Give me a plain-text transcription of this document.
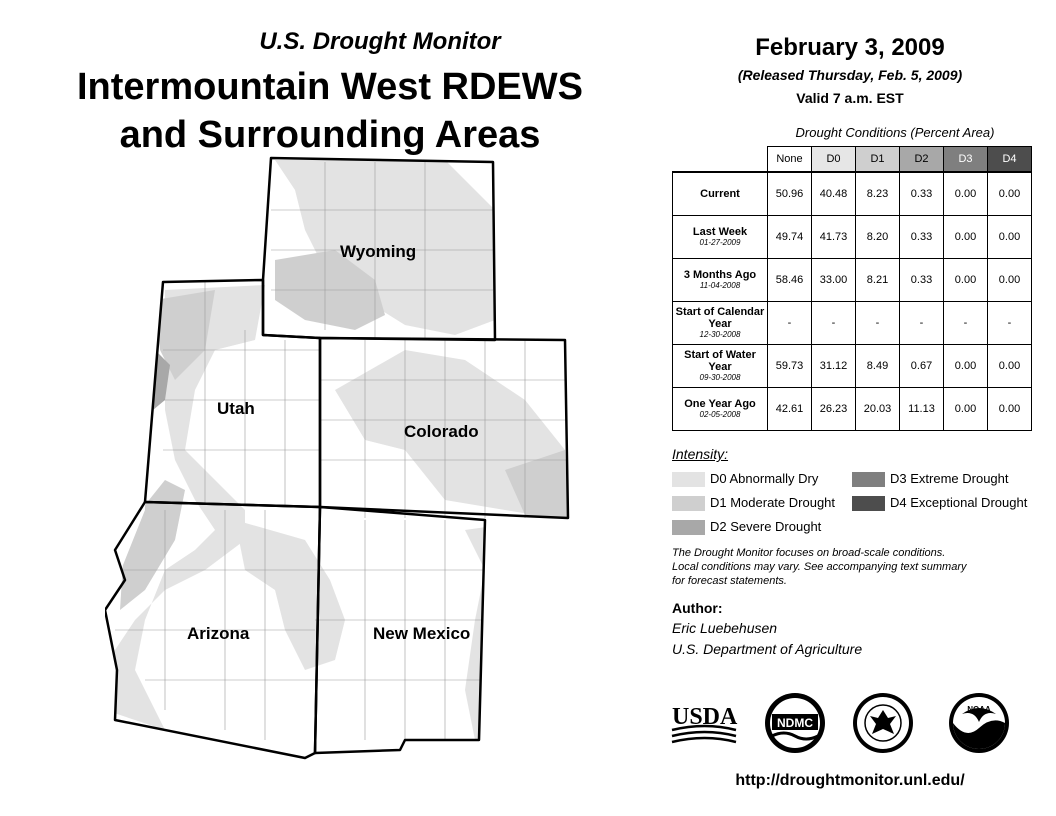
U.S. Drought Monitor
Intermountain West RDEWS
and Surrounding Areas
Wyoming
Utah
Colorado
Arizona	New Mexico
February 3, 2009
(Released Thursday, Feb. 5, 2009)
Valid 7 a.m. EST
Drought Conditions (Percent Area)
	None	D0	D1	D2	D3	D4
Current	50.96	40.48	8.23	0.33	0.00	0.00
Last Week
01-27-2009	49.74	41.73	8.20	0.33	0.00	0.00
3 Months Ago
11-04-2008	58.46	33.00	8.21	0.33	0.00	0.00
Start of Calendar Year
12-30-2008	-	-	-	-	-	-
Start of Water Year
09-30-2008	59.73	31.12	8.49	0.67	0.00	0.00
One Year Ago
02-05-2008	42.61	26.23	20.03	11.13	0.00	0.00
Intensity:
D0 Abnormally Dry
D1 Moderate Drought
D2 Severe Drought
D3 Extreme Drought
D4 Exceptional Drought
The Drought Monitor focuses on broad-scale conditions.
Local conditions may vary. See accompanying text summary
for forecast statements.
Author:
Eric Luebehusen
U.S. Department of Agriculture
USDA	NDMC
NOAA
http://droughtmonitor.unl.edu/
